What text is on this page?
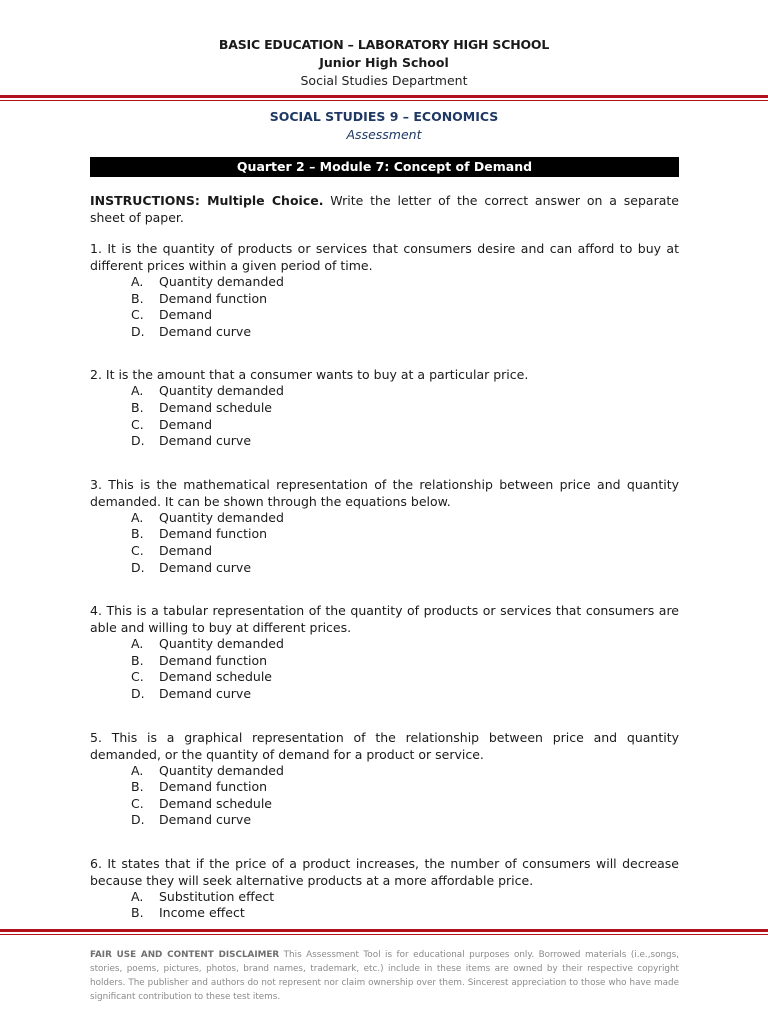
BASIC EDUCATION – LABORATORY HIGH SCHOOL
Junior High School
Social Studies Department
SOCIAL STUDIES 9 – ECONOMICS
Assessment
Quarter 2 – Module 7: Concept of Demand

INSTRUCTIONS: Multiple Choice. Write the letter of the correct answer on a separate sheet of paper.

1. It is the quantity of products or services that consumers desire and can afford to buy at different prices within a given period of time.

A. Quantity demanded
B. Demand function
C. Demand
D. Demand curve

2. It is the amount that a consumer wants to buy at a particular price.

A. Quantity demanded
B. Demand schedule
C. Demand
D. Demand curve

3. This is the mathematical representation of the relationship between price and quantity demanded. It can be shown through the equations below.

A. Quantity demanded
B. Demand function
C. Demand
D. Demand curve

4. This is a tabular representation of the quantity of products or services that consumers are able and willing to buy at different prices.

A. Quantity demanded
B. Demand function
C. Demand schedule
D. Demand curve

5. This is a graphical representation of the relationship between price and quantity demanded, or the quantity of demand for a product or service.

A. Quantity demanded
B. Demand function
C. Demand schedule
D. Demand curve

6. It states that if the price of a product increases, the number of consumers will decrease because they will seek alternative products at a more affordable price.

A. Substitution effect
B. Income effect
FAIR USE AND CONTENT DISCLAIMER This Assessment Tool is for educational purposes only. Borrowed materials (i.e.,songs, stories, poems, pictures, photos, brand names, trademark, etc.) include in these items are owned by their respective copyright holders. The publisher and authors do not represent nor claim ownership over them. Sincerest appreciation to those who have made significant contribution to these test items.
